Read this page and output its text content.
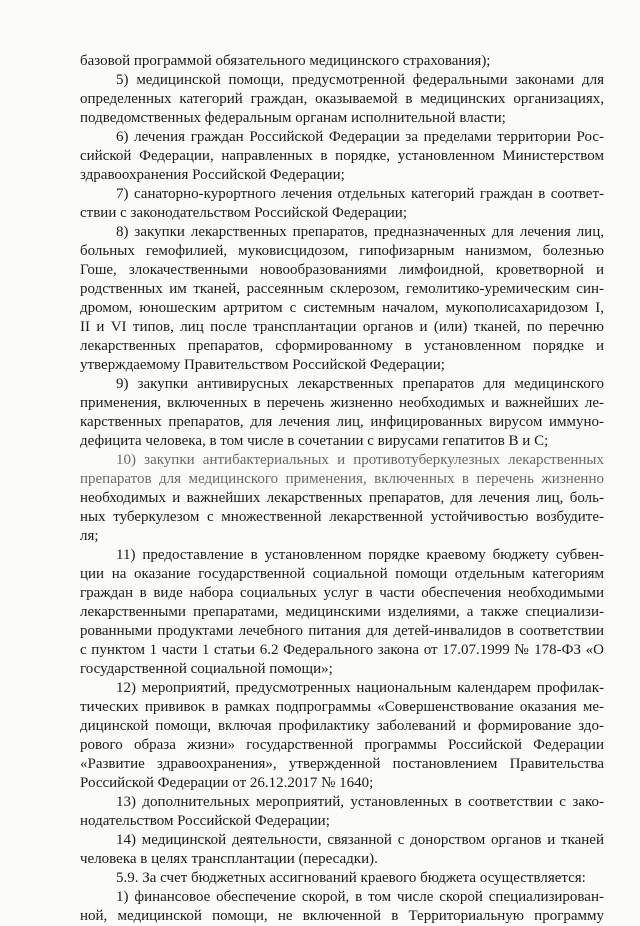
базовой программой обязательного медицинского страхования);
5) медицинской помощи, предусмотренной федеральными законами для
определенных категорий граждан, оказываемой в медицинских организациях,
подведомственных федеральным органам исполнительной власти;
6) лечения граждан Российской Федерации за пределами территории Рос-
сийской Федерации, направленных в порядке, установленном Министерством
здравоохранения Российской Федерации;
7) санаторно-курортного лечения отдельных категорий граждан в соответ-
ствии с законодательством Российской Федерации;
8) закупки лекарственных препаратов, предназначенных для лечения лиц,
больных гемофилией, муковисцидозом, гипофизарным нанизмом, болезнью
Гоше, злокачественными новообразованиями лимфоидной, кроветворной и
родственных им тканей, рассеянным склерозом, гемолитико-уремическим син-
дромом, юношеским артритом с системным началом, мукополисахаридозом I,
II и VI типов, лиц после трансплантации органов и (или) тканей, по перечню
лекарственных препаратов, сформированному в установленном порядке и
утверждаемому Правительством Российской Федерации;
9) закупки антивирусных лекарственных препаратов для медицинского
применения, включенных в перечень жизненно необходимых и важнейших ле-
карственных препаратов, для лечения лиц, инфицированных вирусом иммуно-
дефицита человека, в том числе в сочетании с вирусами гепатитов В и С;
10) закупки антибактериальных и противотуберкулезных лекарственных
препаратов для медицинского применения, включенных в перечень жизненно
необходимых и важнейших лекарственных препаратов, для лечения лиц, боль-
ных туберкулезом с множественной лекарственной устойчивостью возбудите-
ля;
11) предоставление в установленном порядке краевому бюджету субвен-
ции на оказание государственной социальной помощи отдельным категориям
граждан в виде набора социальных услуг в части обеспечения необходимыми
лекарственными препаратами, медицинскими изделиями, а также специализи-
рованными продуктами лечебного питания для детей-инвалидов в соответствии
с пунктом 1 части 1 статьи 6.2 Федерального закона от 17.07.1999 № 178-ФЗ «О
государственной социальной помощи»;
12) мероприятий, предусмотренных национальным календарем профилак-
тических прививок в рамках подпрограммы «Совершенствование оказания ме-
дицинской помощи, включая профилактику заболеваний и формирование здо-
рового образа жизни» государственной программы Российской Федерации
«Развитие здравоохранения», утвержденной постановлением Правительства
Российской Федерации от 26.12.2017 № 1640;
13) дополнительных мероприятий, установленных в соответствии с зако-
нодательством Российской Федерации;
14) медицинской деятельности, связанной с донорством органов и тканей
человека в целях трансплантации (пересадки).
5.9. За счет бюджетных ассигнований краевого бюджета осуществляется:
1) финансовое обеспечение скорой, в том числе скорой специализирован-
ной, медицинской помощи, не включенной в Территориальную программу
